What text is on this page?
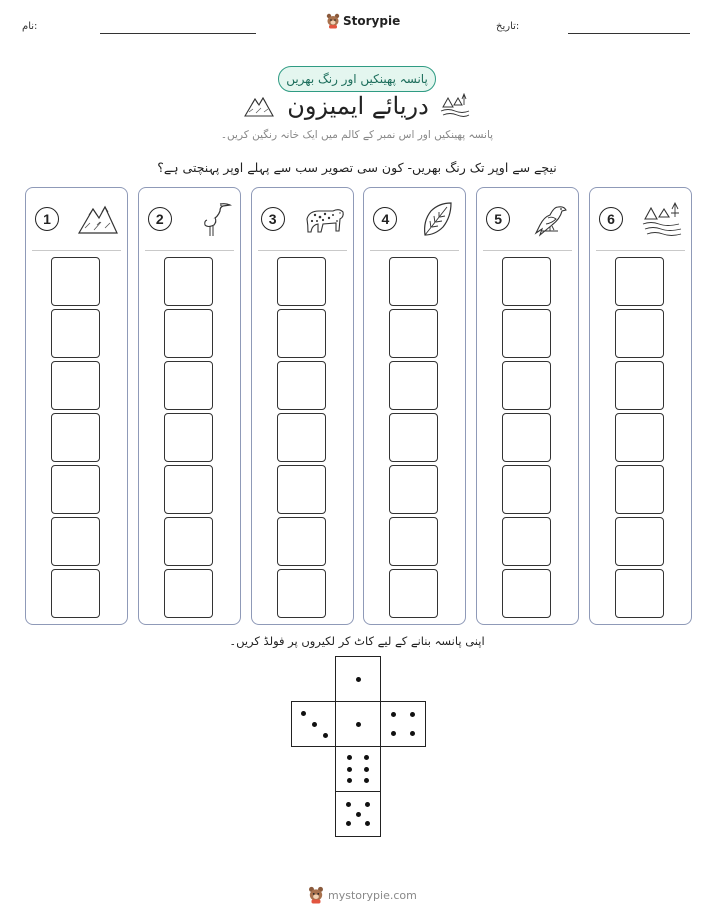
نام:	Storypie	تاریخ:
پانسہ پھینکیں اور رنگ بھریں
دریائے ایمیزون
پانسہ پھینکیں اور اس نمبر کے کالم میں ایک خانہ رنگین کریں۔
نیچے سے اوپر تک رنگ بھریں- کون سی تصویر سب سے پہلے اوپر پہنچتی ہے؟
1	2	3	4	5	6
اپنی پانسہ بنانے کے لیے کاٹ کر لکیروں پر فولڈ کریں۔
mystorypie.com
